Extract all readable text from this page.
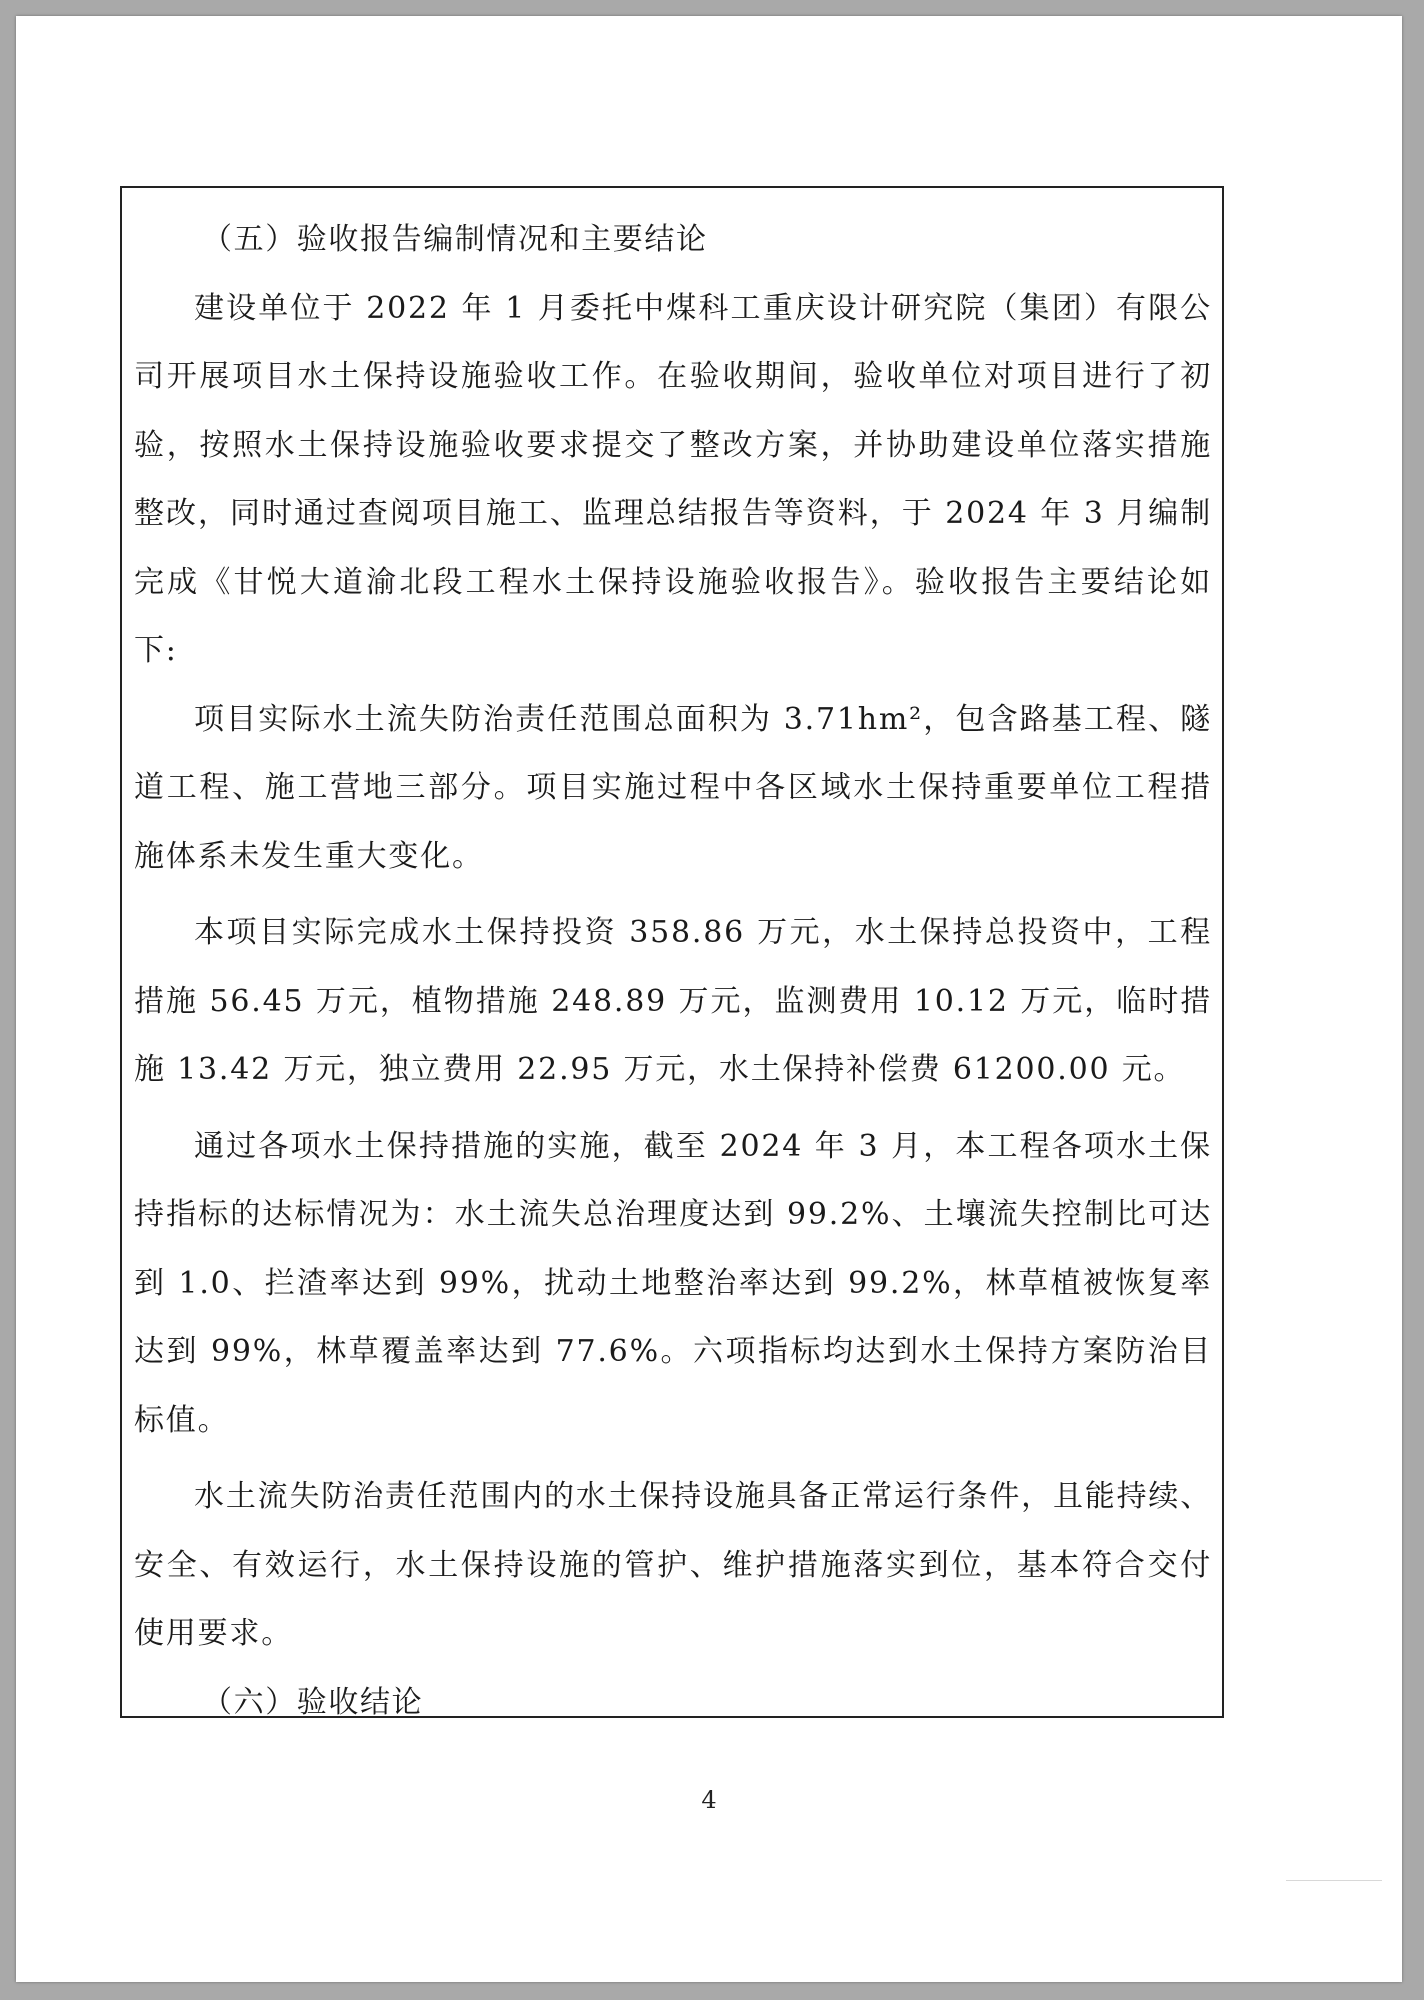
（五）验收报告编制情况和主要结论

建设单位于 2022 年 1 月委托中煤科工重庆设计研究院（集团）有限公司开展项目水土保持设施验收工作。在验收期间，验收单位对项目进行了初验，按照水土保持设施验收要求提交了整改方案，并协助建设单位落实措施整改，同时通过查阅项目施工、监理总结报告等资料，于 2024 年 3 月编制完成《甘悦大道渝北段工程水土保持设施验收报告》。验收报告主要结论如下:

项目实际水土流失防治责任范围总面积为 3.71hm²，包含路基工程、隧道工程、施工营地三部分。项目实施过程中各区域水土保持重要单位工程措施体系未发生重大变化。

本项目实际完成水土保持投资 358.86 万元，水土保持总投资中，工程措施 56.45 万元，植物措施 248.89 万元，监测费用 10.12 万元，临时措施 13.42 万元，独立费用 22.95 万元，水土保持补偿费 61200.00 元。

通过各项水土保持措施的实施，截至 2024 年 3 月，本工程各项水土保持指标的达标情况为：水土流失总治理度达到 99.2%、土壤流失控制比可达到 1.0、拦渣率达到 99%，扰动土地整治率达到 99.2%，林草植被恢复率达到 99%，林草覆盖率达到 77.6%。六项指标均达到水土保持方案防治目标值。

水土流失防治责任范围内的水土保持设施具备正常运行条件，且能持续、安全、有效运行，水土保持设施的管护、维护措施落实到位，基本符合交付使用要求。

（六）验收结论

4
